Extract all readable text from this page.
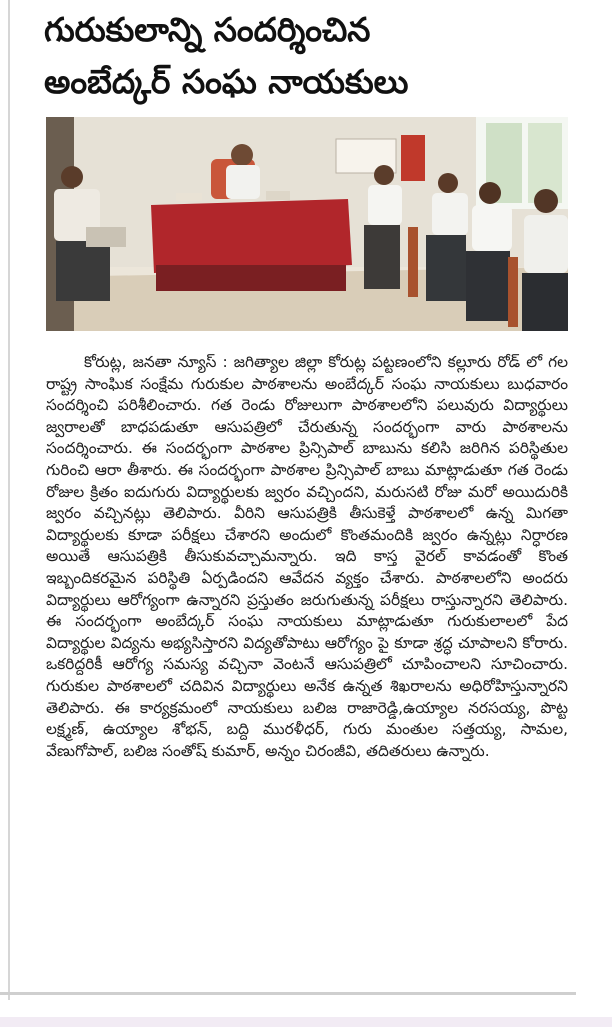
గురుకులాన్ని సందర్శించిన
అంబేద్కర్ సంఘ నాయకులు

కోరుట్ల, జనతా న్యూస్ : జగిత్యాల జిల్లా కోరుట్ల పట్టణంలోని కల్లూరు రోడ్ లో గల రాష్ట్ర సాంఘిక సంక్షేమ గురుకుల పాఠశాలను అంబేద్కర్ సంఘ నాయకులు బుధవారం సందర్శించి పరిశీలించారు. గత రెండు రోజులుగా పాఠశాలలోని పలువురు విద్యార్థులు జ్వరాలతో బాధపడుతూ ఆసుపత్రిలో చేరుతున్న సందర్భంగా వారు పాఠశాలను సందర్శించారు. ఈ సందర్భంగా పాఠశాల ప్రిన్సిపాల్ బాబును కలిసి జరిగిన పరిస్థితుల గురించి ఆరా తీశారు. ఈ సందర్భంగా పాఠశాల ప్రిన్సిపాల్ బాబు మాట్లాడుతూ గత రెండు రోజుల క్రితం ఐదుగురు విద్యార్థులకు జ్వరం వచ్చిందని, మరుసటి రోజు మరో అయిదురికి జ్వరం వచ్చినట్లు తెలిపారు. వీరిని ఆసుపత్రికి తీసుకెళ్తే పాఠశాలలో ఉన్న మిగతా విద్యార్థులకు కూడా పరీక్షలు చేశారని అందులో కొంతమందికి జ్వరం ఉన్నట్లు నిర్ధారణ అయితే ఆసుపత్రికి తీసుకువచ్చామన్నారు. ఇది కాస్త వైరల్ కావడంతో కొంత ఇబ్బందికరమైన పరిస్థితి ఏర్పడిందని ఆవేదన వ్యక్తం చేశారు. పాఠశాలలోని అందరు విద్యార్థులు ఆరోగ్యంగా ఉన్నారని ప్రస్తుతం జరుగుతున్న పరీక్షలు రాస్తున్నారని తెలిపారు. ఈ సందర్భంగా అంబేద్కర్ సంఘ నాయకులు మాట్లాడుతూ గురుకులాలలో పేద విద్యార్థుల విద్యను అభ్యసిస్తారని విద్యతోపాటు ఆరోగ్యం పై కూడా శ్రద్ధ చూపాలని కోరారు. ఒకరిద్దరికీ ఆరోగ్య సమస్య వచ్చినా వెంటనే ఆసుపత్రిలో చూపించాలని సూచించారు. గురుకుల పాఠశాలలో చదివిన విద్యార్థులు అనేక ఉన్నత శిఖరాలను అధిరోహిస్తున్నారని తెలిపారు. ఈ కార్యక్రమంలో నాయకులు బలిజ రాజారెడ్డి,ఉయ్యాల నరసయ్య, పొట్ట లక్ష్మణ్, ఉయ్యాల శోభన్, బద్ది మురళీధర్, గురు మంతుల సత్తయ్య, సామల, వేణుగోపాల్, బలిజ సంతోష్ కుమార్, అన్నం చిరంజీవి, తదితరులు ఉన్నారు.
